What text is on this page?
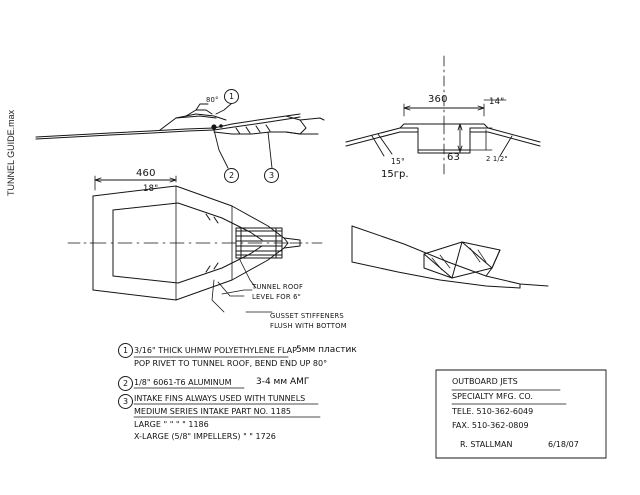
TUNNEL GUIDE.max
1
2	3
460
18"
360	14"
63	2 1/2"
15°
15гр.
TUNNEL ROOF
LEVEL FOR 6"
GUSSET STIFFENERS
FLUSH WITH BOTTOM
1 3/16" THICK UHMW POLYETHYLENE FLAP
POP RIVET TO TUNNEL ROOF, BEND END UP 80°
5мм пластик
2 1/8" 6061-T6 ALUMINUM	3-4 мм АМГ
3 INTAKE FINS ALWAYS USED WITH TUNNELS
MEDIUM SERIES INTAKE PART NO. 1185
LARGE " " " " 1186
X-LARGE (5/8" IMPELLERS) " " 1726
80°
OUTBOARD JETS
SPECIALTY MFG. CO.
TELE. 510-362-6049
FAX. 510-362-0809
R. STALLMAN	6/18/07
